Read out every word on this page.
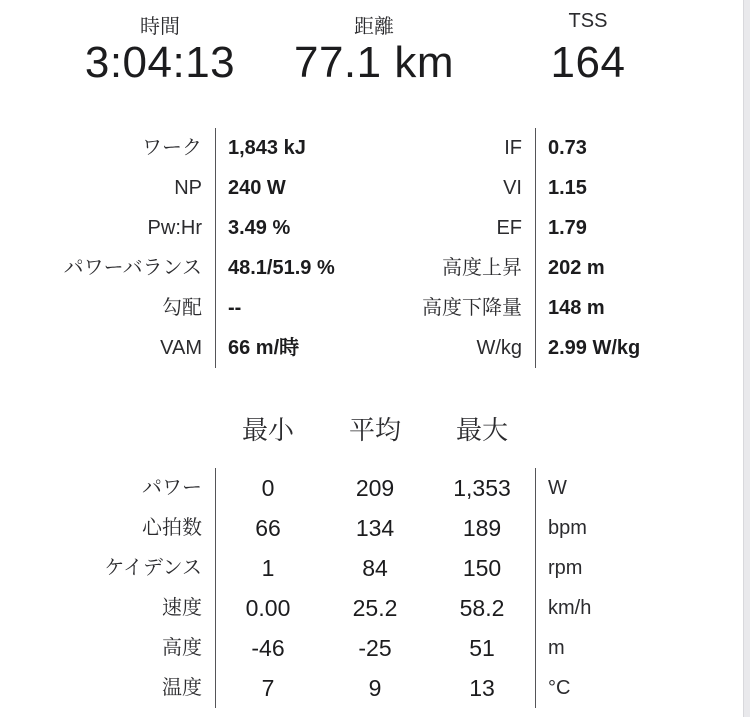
時間
3:04:13
距離
77.1 km
TSS
164
ワーク 1,843 kJ	IF 0.73
NP 240 W	VI 1.15
Pw:Hr 3.49 %	EF 1.79
パワーバランス 48.1/51.9 %	高度上昇 202 m
勾配 --	高度下降量 148 m
VAM 66 m/時	W/kg 2.99 W/kg
最小	平均	最大
パワー	0	209	1,353	W
心拍数	66	134	189	bpm
ケイデンス	1	84	150	rpm
速度	0.00	25.2	58.2	km/h
高度	-46	-25	51	m
温度	7	9	13	°C
